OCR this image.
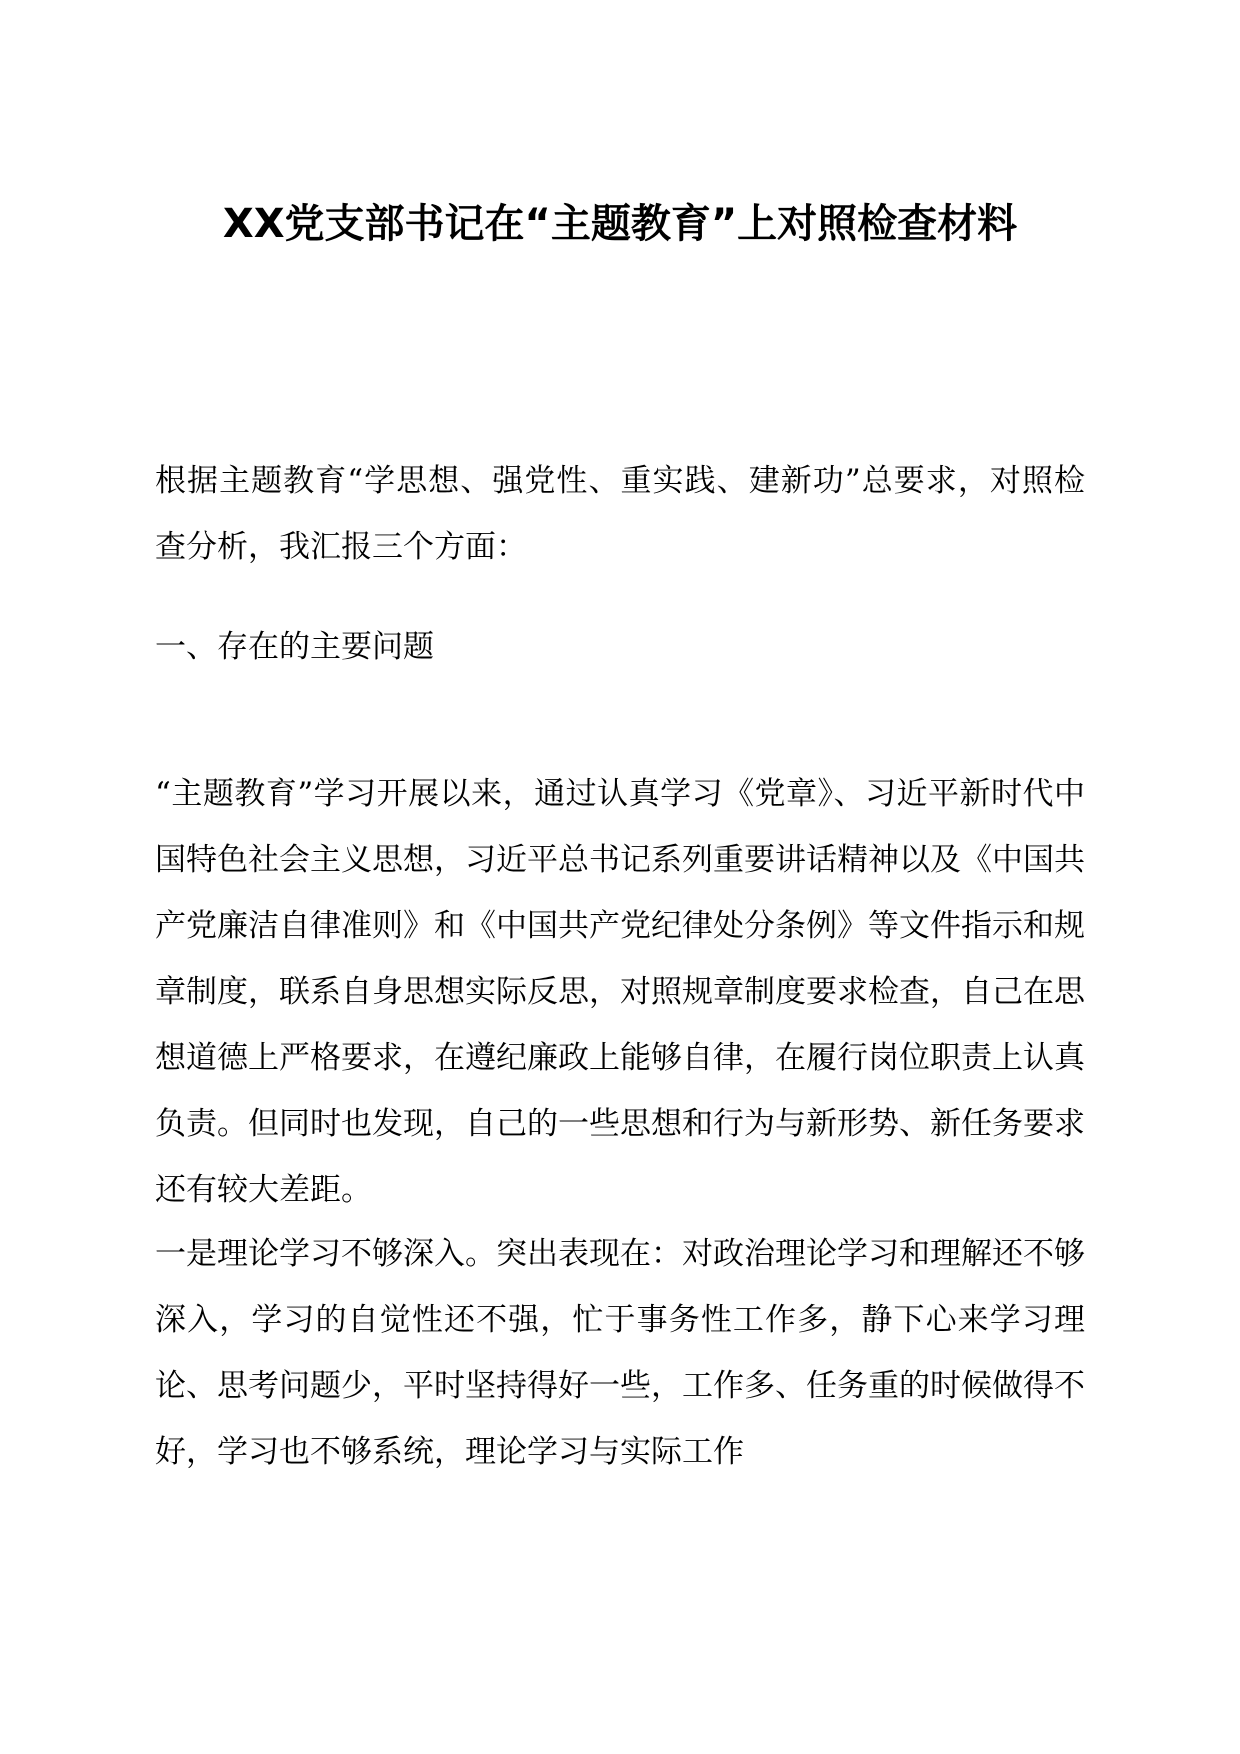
XX党支部书记在“主题教育”上对照检查材料

根据主题教育“学思想、强党性、重实践、建新功”总要求，对照检查分析，我汇报三个方面：

一、存在的主要问题

“主题教育”学习开展以来，通过认真学习《党章》、习近平新时代中国特色社会主义思想，习近平总书记系列重要讲话精神以及《中国共产党廉洁自律准则》和《中国共产党纪律处分条例》等文件指示和规章制度，联系自身思想实际反思，对照规章制度要求检查，自己在思想道德上严格要求，在遵纪廉政上能够自律，在履行岗位职责上认真负责。但同时也发现，自己的一些思想和行为与新形势、新任务要求还有较大差距。

一是理论学习不够深入。突出表现在：对政治理论学习和理解还不够深入，学习的自觉性还不强，忙于事务性工作多，静下心来学习理论、思考问题少，平时坚持得好一些，工作多、任务重的时候做得不好，学习也不够系统，理论学习与实际工作
